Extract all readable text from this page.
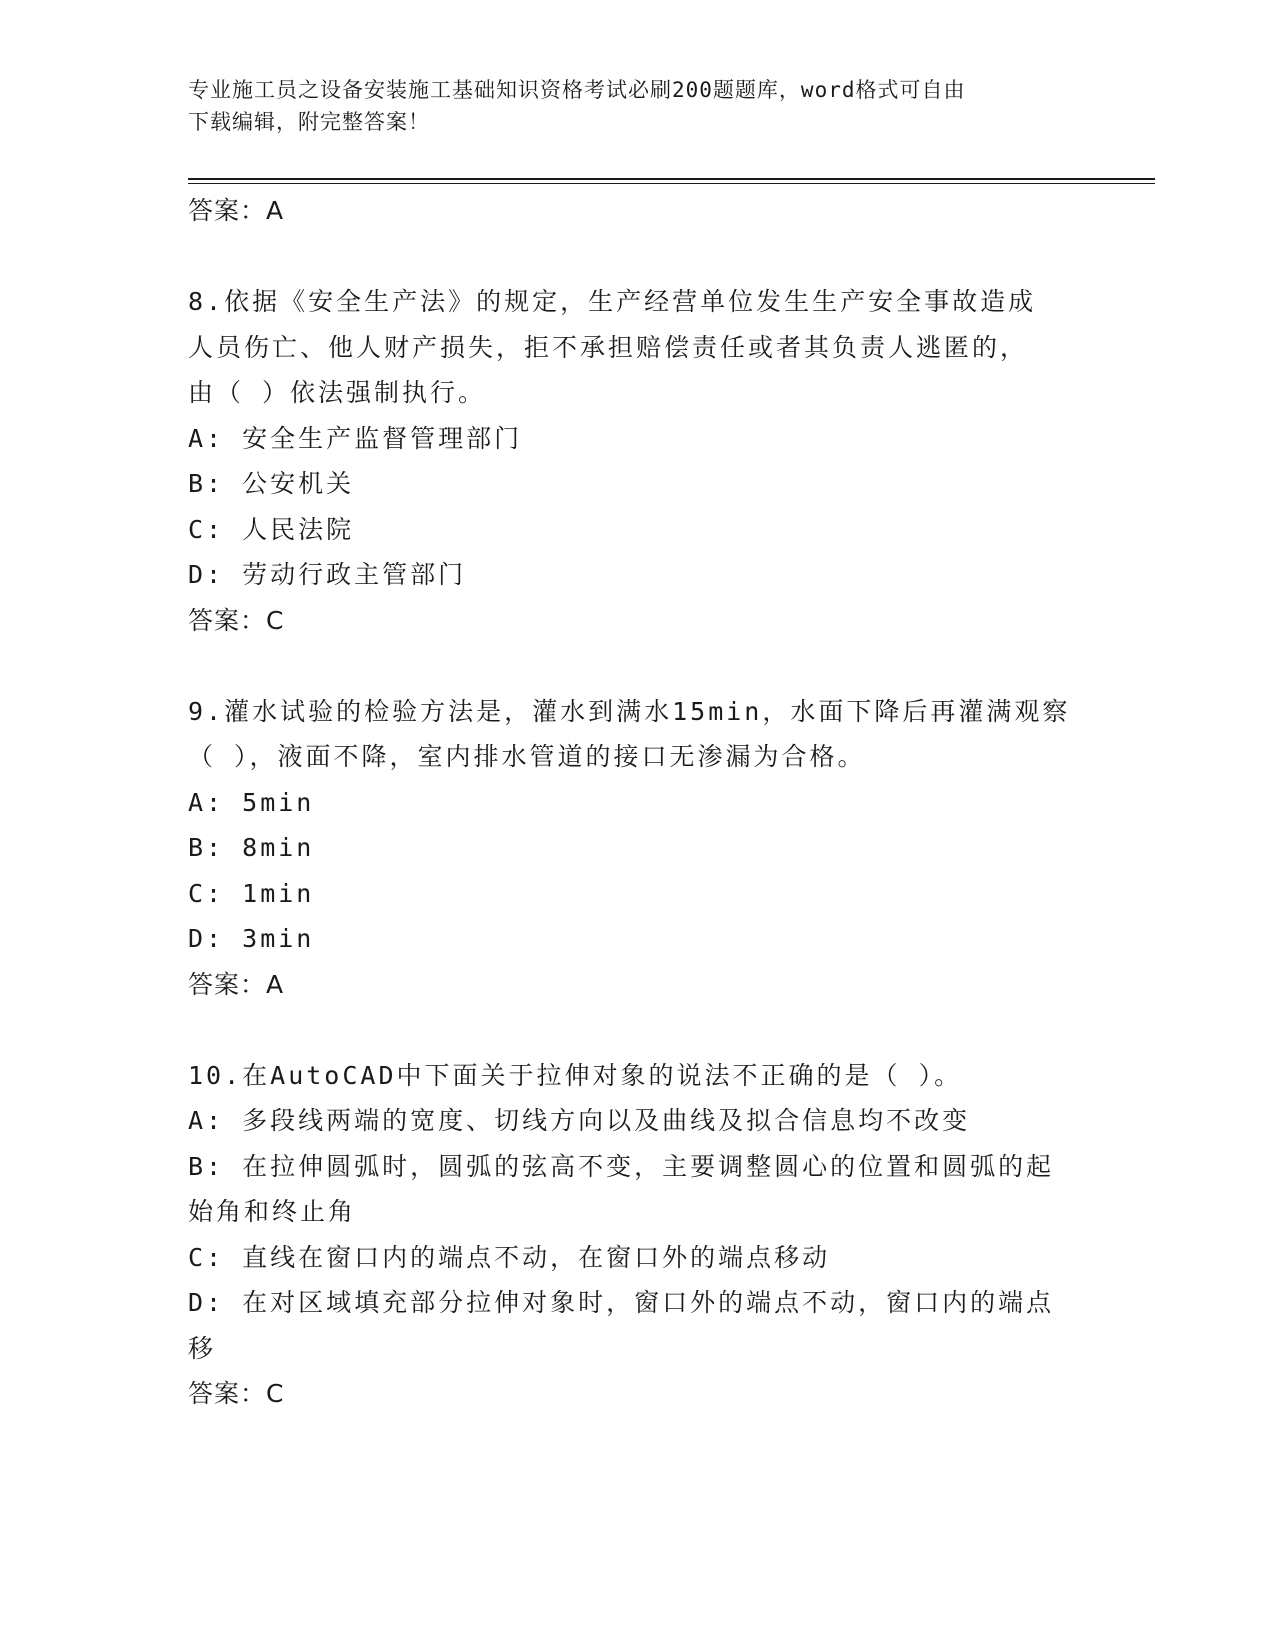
专业施工员之设备安装施工基础知识资格考试必刷200题题库，word格式可自由
下载编辑，附完整答案！
答案：A
8.依据《安全生产法》的规定，生产经营单位发生生产安全事故造成
人员伤亡、他人财产损失，拒不承担赔偿责任或者其负责人逃匿的，
由（ ）依法强制执行。
A: 安全生产监督管理部门
B: 公安机关
C: 人民法院
D: 劳动行政主管部门
答案：C
9.灌水试验的检验方法是，灌水到满水15min，水面下降后再灌满观察
（ ），液面不降，室内排水管道的接口无渗漏为合格。
A: 5min
B: 8min
C: 1min
D: 3min
答案：A
10.在AutoCAD中下面关于拉伸对象的说法不正确的是（ ）。
A: 多段线两端的宽度、切线方向以及曲线及拟合信息均不改变
B: 在拉伸圆弧时，圆弧的弦高不变，主要调整圆心的位置和圆弧的起
始角和终止角
C: 直线在窗口内的端点不动，在窗口外的端点移动
D: 在对区域填充部分拉伸对象时，窗口外的端点不动，窗口内的端点
移
答案：C
